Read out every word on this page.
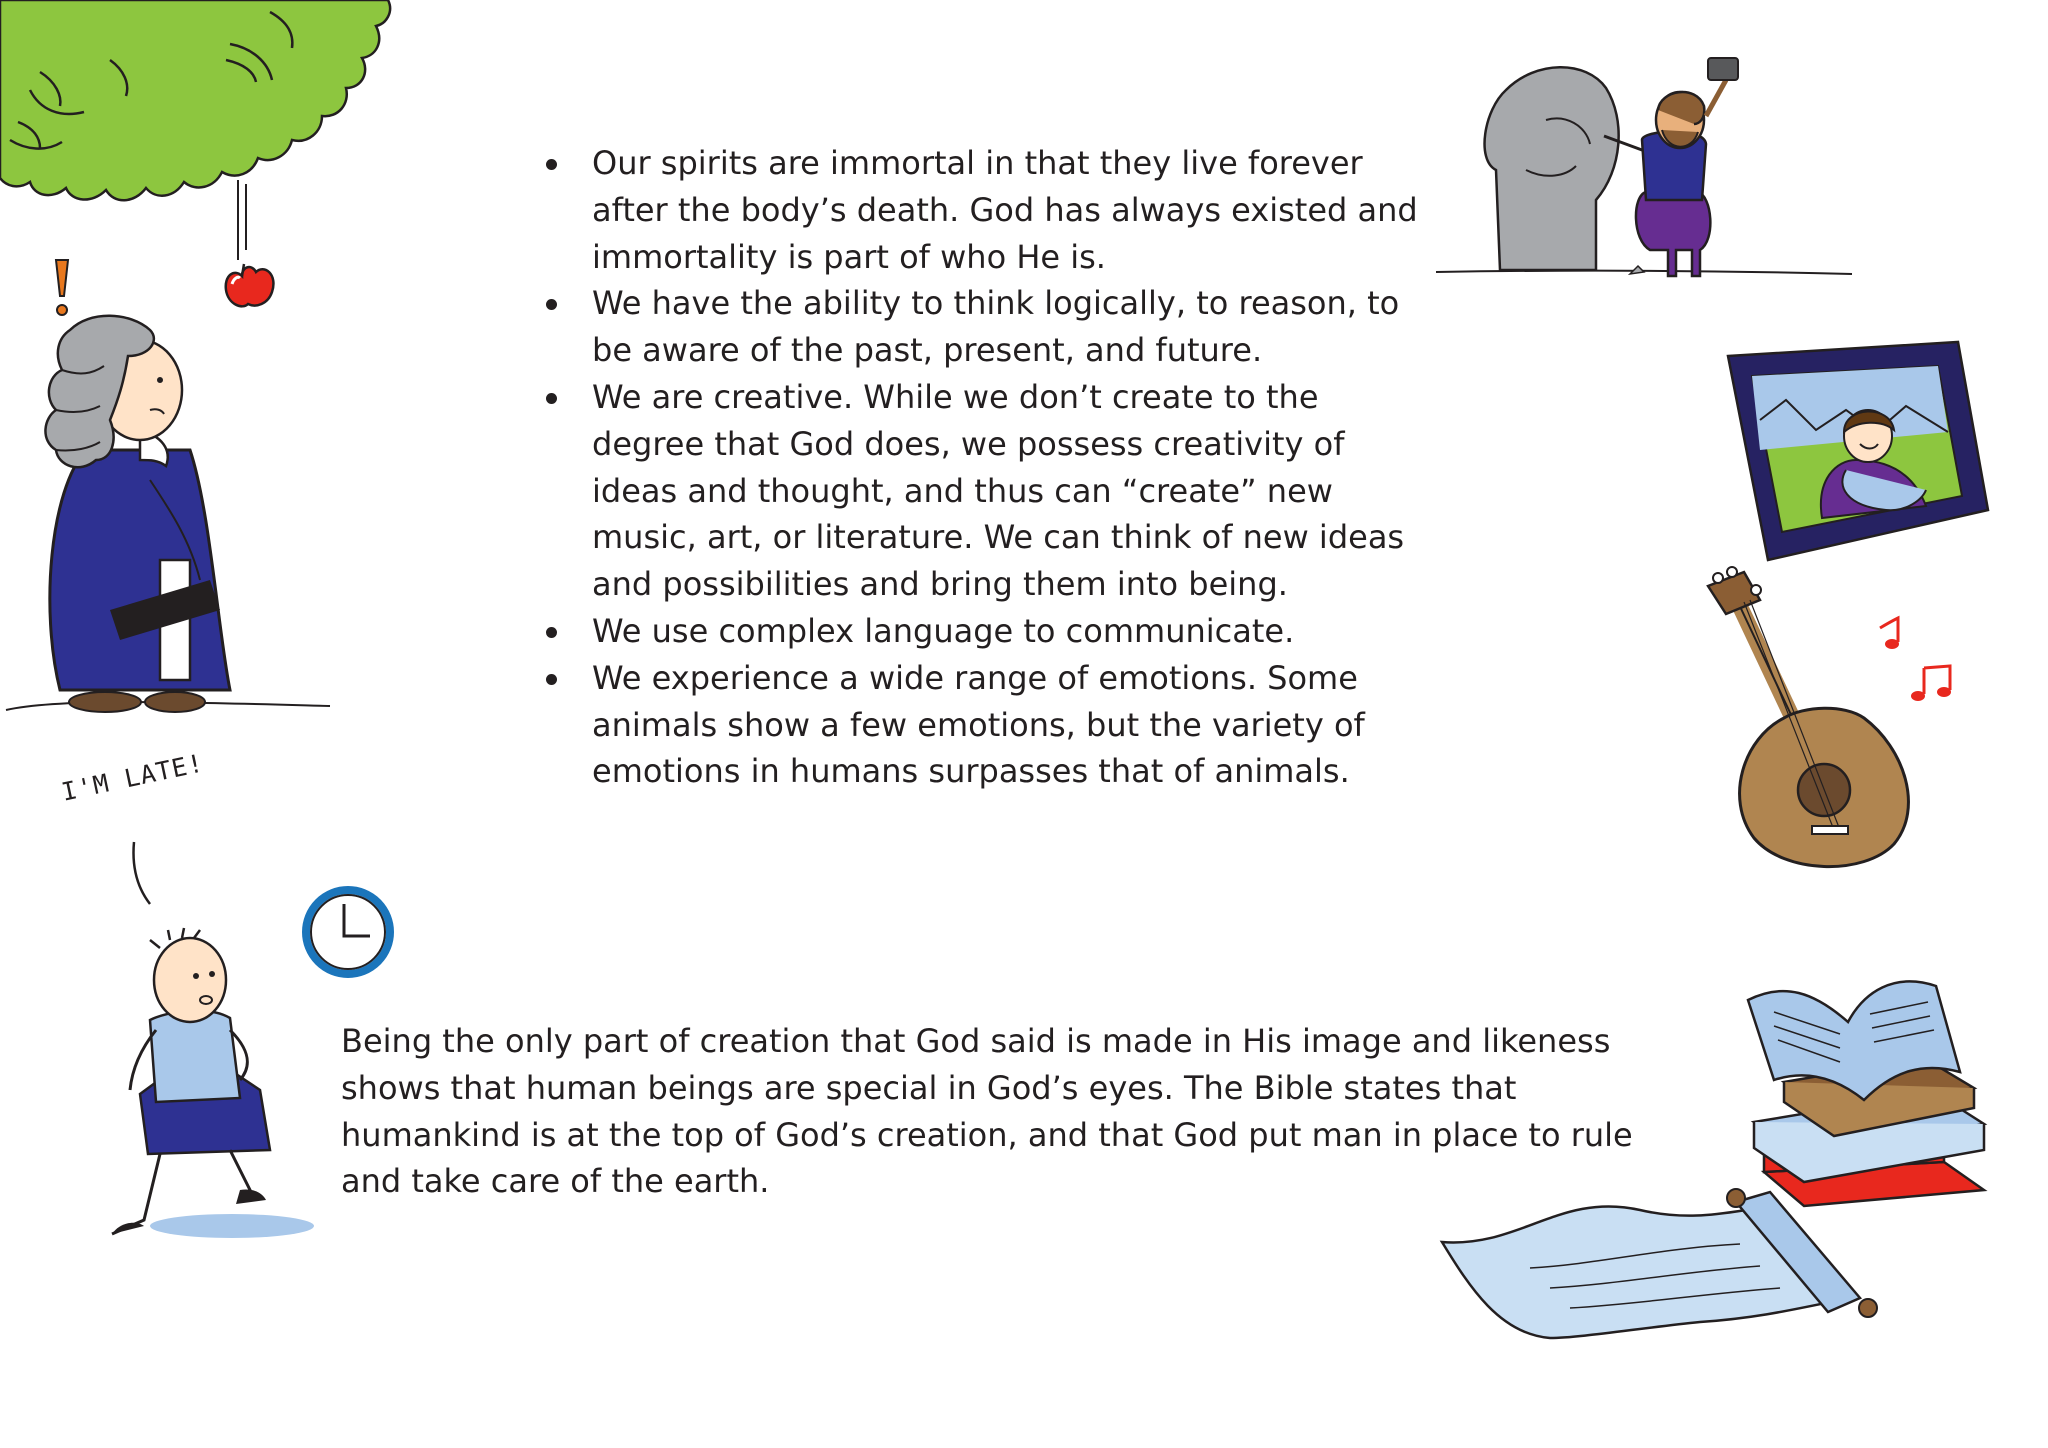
I'M LATE!
Our spirits are immortal in that they live forever after the body’s death. God has always existed and immortality is part of who He is.
We have the ability to think logically, to reason, to be aware of the past, present, and future.
We are creative. While we don’t create to the degree that God does, we possess creativity of ideas and thought, and thus can “create” new music, art, or literature. We can think of new ideas and possibilities and bring them into being.
We use complex language to communicate.
We experience a wide range of emotions. Some animals show a few emotions, but the variety of emotions in humans surpasses that of animals.

Being the only part of creation that God said is made in His image and likeness shows that human beings are special in God’s eyes. The Bible states that humankind is at the top of God’s creation, and that God put man in place to rule and take care of the earth.
